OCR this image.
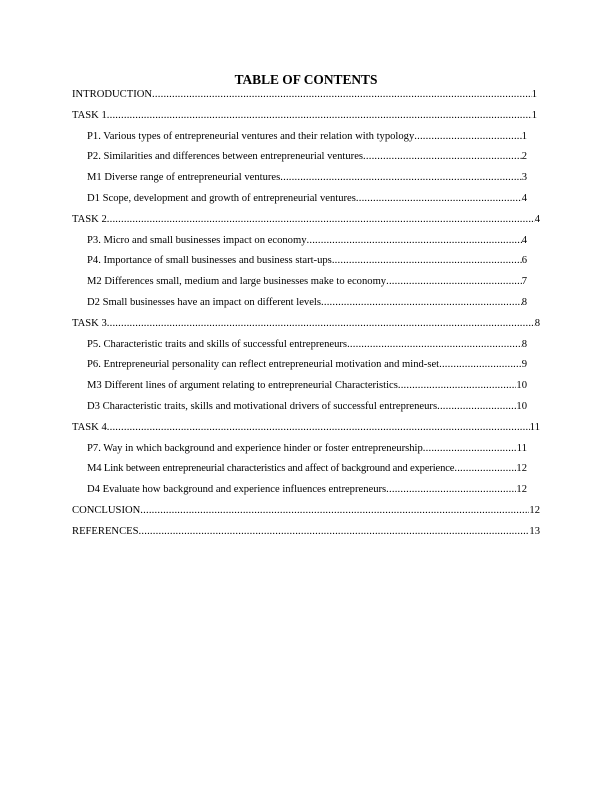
TABLE OF CONTENTS
INTRODUCTION .....	1
TASK 1 .....	1
P1. Various types of entrepreneurial ventures and their relation with typology .....	1
P2. Similarities and differences between entrepreneurial ventures .....	2
M1 Diverse range of entrepreneurial ventures .....	3
D1 Scope, development and growth of entrepreneurial ventures .....	4
TASK 2 .....	4
P3. Micro and small businesses impact on economy .....	4
P4. Importance of small businesses and business start-ups .....	6
M2 Differences small, medium and large businesses make to economy .....	7
D2 Small businesses have an impact on different levels .....	8
TASK 3 .....	8
P5. Characteristic traits and skills of successful entrepreneurs .....	8
P6. Entrepreneurial personality can reflect entrepreneurial motivation and mind-set .....	9
M3 Different lines of argument relating to entrepreneurial Characteristics .....	10
D3 Characteristic traits, skills and motivational drivers of successful entrepreneurs .....	10
TASK 4 .....	11
P7. Way in which background and experience hinder or foster entrepreneurship .....	11
M4 Link between entrepreneurial characteristics and affect of background and experience .....	12
D4 Evaluate how background and experience influences entrepreneurs .....	12
CONCLUSION .....	12
REFERENCES .....	13
